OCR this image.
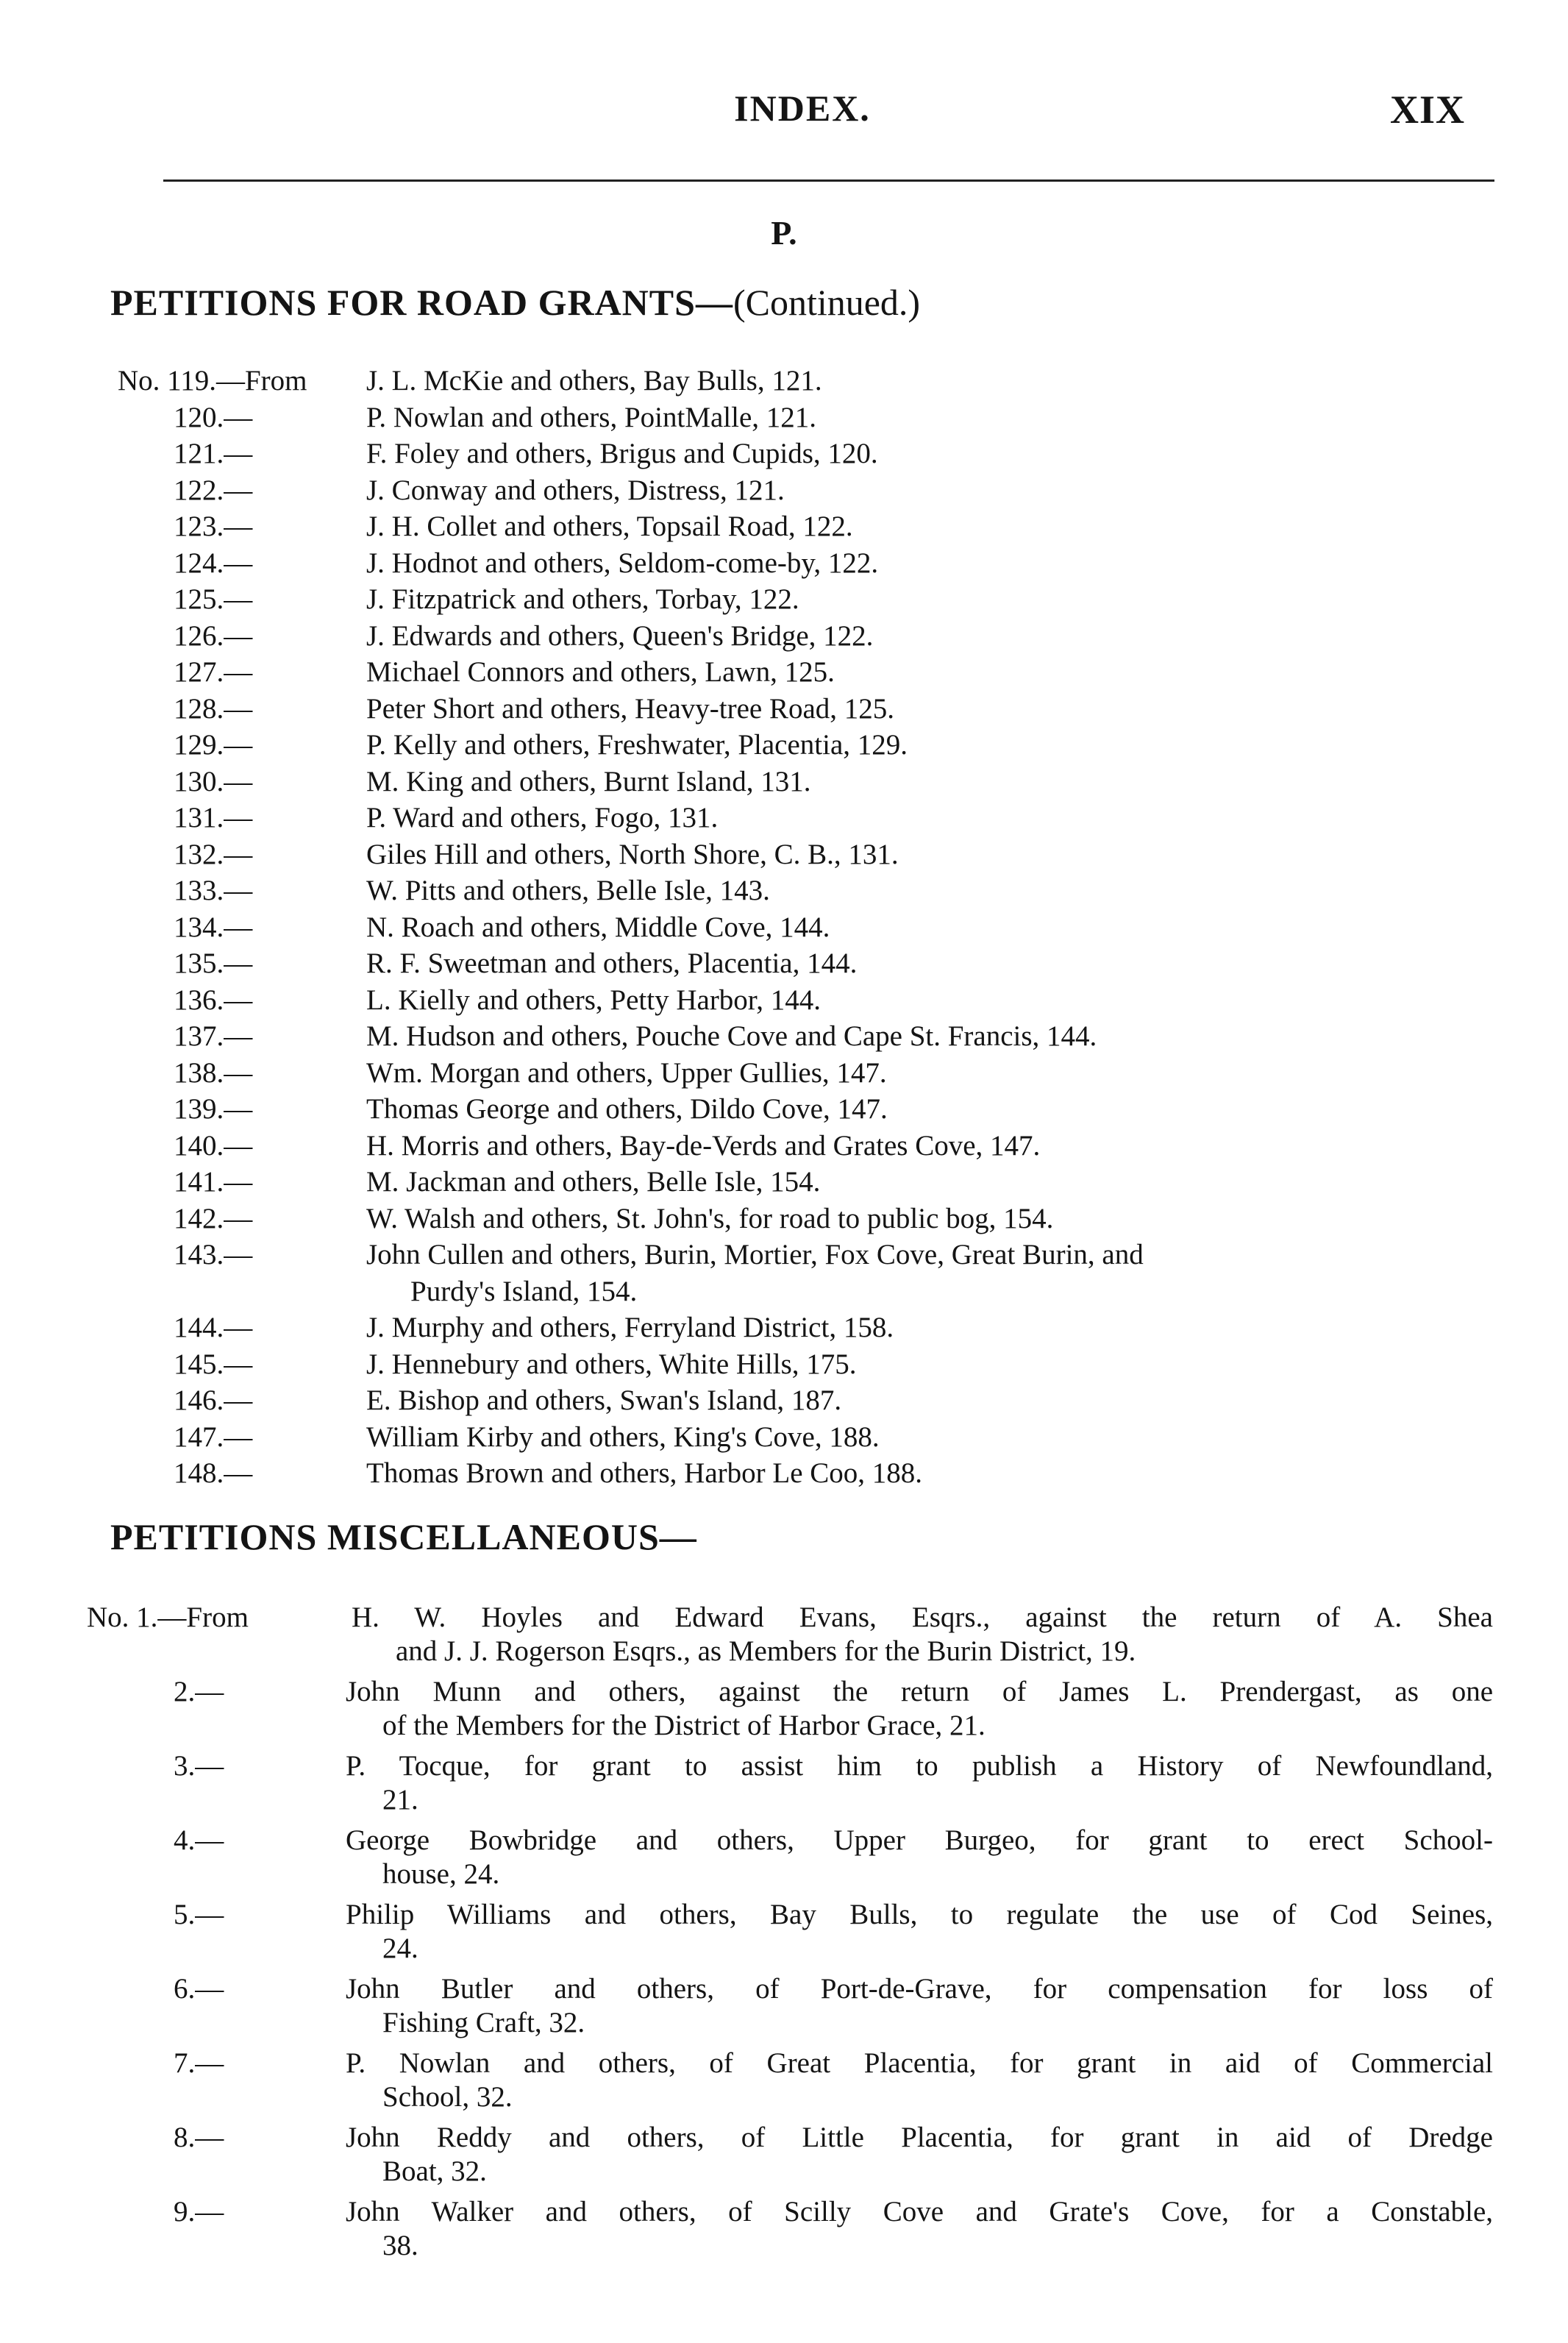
INDEX.	XIX
P.
PETITIONS FOR ROAD GRANTS—(Continued.)
No. 119.—From	J. L. McKie and others, Bay Bulls, 121.
120.—	P. Nowlan and others, PointMalle, 121.
121.—	F. Foley and others, Brigus and Cupids, 120.
122.—	J. Conway and others, Distress, 121.
123.—	J. H. Collet and others, Topsail Road, 122.
124.—	J. Hodnot and others, Seldom-come-by, 122.
125.—	J. Fitzpatrick and others, Torbay, 122.
126.—	J. Edwards and others, Queen's Bridge, 122.
127.—	Michael Connors and others, Lawn, 125.
128.—	Peter Short and others, Heavy-tree Road, 125.
129.—	P. Kelly and others, Freshwater, Placentia, 129.
130.—	M. King and others, Burnt Island, 131.
131.—	P. Ward and others, Fogo, 131.
132.—	Giles Hill and others, North Shore, C. B., 131.
133.—	W. Pitts and others, Belle Isle, 143.
134.—	N. Roach and others, Middle Cove, 144.
135.—	R. F. Sweetman and others, Placentia, 144.
136.—	L. Kielly and others, Petty Harbor, 144.
137.—	M. Hudson and others, Pouche Cove and Cape St. Francis, 144.
138.—	Wm. Morgan and others, Upper Gullies, 147.
139.—	Thomas George and others, Dildo Cove, 147.
140.—	H. Morris and others, Bay-de-Verds and Grates Cove, 147.
141.—	M. Jackman and others, Belle Isle, 154.
142.—	W. Walsh and others, St. John's, for road to public bog, 154.
143.—	John Cullen and others, Burin, Mortier, Fox Cove, Great Burin, and
Purdy's Island, 154.
144.—	J. Murphy and others, Ferryland District, 158.
145.—	J. Hennebury and others, White Hills, 175.
146.—	E. Bishop and others, Swan's Island, 187.
147.—	William Kirby and others, King's Cove, 188.
148.—	Thomas Brown and others, Harbor Le Coo, 188.
PETITIONS MISCELLANEOUS—
No. 1.—From	H. W. Hoyles and Edward Evans, Esqrs., against the return of A. Shea
and J. J. Rogerson Esqrs., as Members for the Burin District, 19.
2.—	John Munn and others, against the return of James L. Prendergast, as one
of the Members for the District of Harbor Grace, 21.
3.—	P. Tocque, for grant to assist him to publish a History of Newfoundland,
21.
4.—	George Bowbridge and others, Upper Burgeo, for grant to erect School-
house, 24.
5.—	Philip Williams and others, Bay Bulls, to regulate the use of Cod Seines,
24.
6.—	John Butler and others, of Port-de-Grave, for compensation for loss of
Fishing Craft, 32.
7.—	P. Nowlan and others, of Great Placentia, for grant in aid of Commercial
School, 32.
8.—	John Reddy and others, of Little Placentia, for grant in aid of Dredge
Boat, 32.
9.—	John Walker and others, of Scilly Cove and Grate's Cove, for a Constable,
38.
